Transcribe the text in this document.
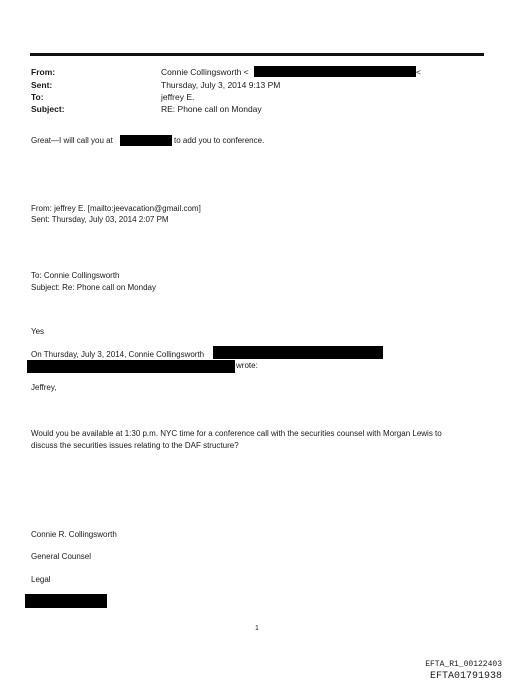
From:
Sent:
To:
Subject:
Connie Collingsworth <	<
Thursday, July 3, 2014 9:13 PM
jeffrey E.
RE: Phone call on Monday
Great—I will call you at	to add you to conference.
From: jeffrey E. [mailto:jeevacation@gmail.com]
Sent: Thursday, July 03, 2014 2:07 PM
To: Connie Collingsworth
Subject: Re: Phone call on Monday
Yes
On Thursday, July 3, 2014, Connie Collingsworth
wrote:
Jeffrey,
Would you be available at 1:30 p.m. NYC time for a conference call with the securities counsel with Morgan Lewis to
discuss the securities issues relating to the DAF structure?
Connie R. Collingsworth
General Counsel
Legal
1
EFTA_R1_00122403
EFTA01791938
